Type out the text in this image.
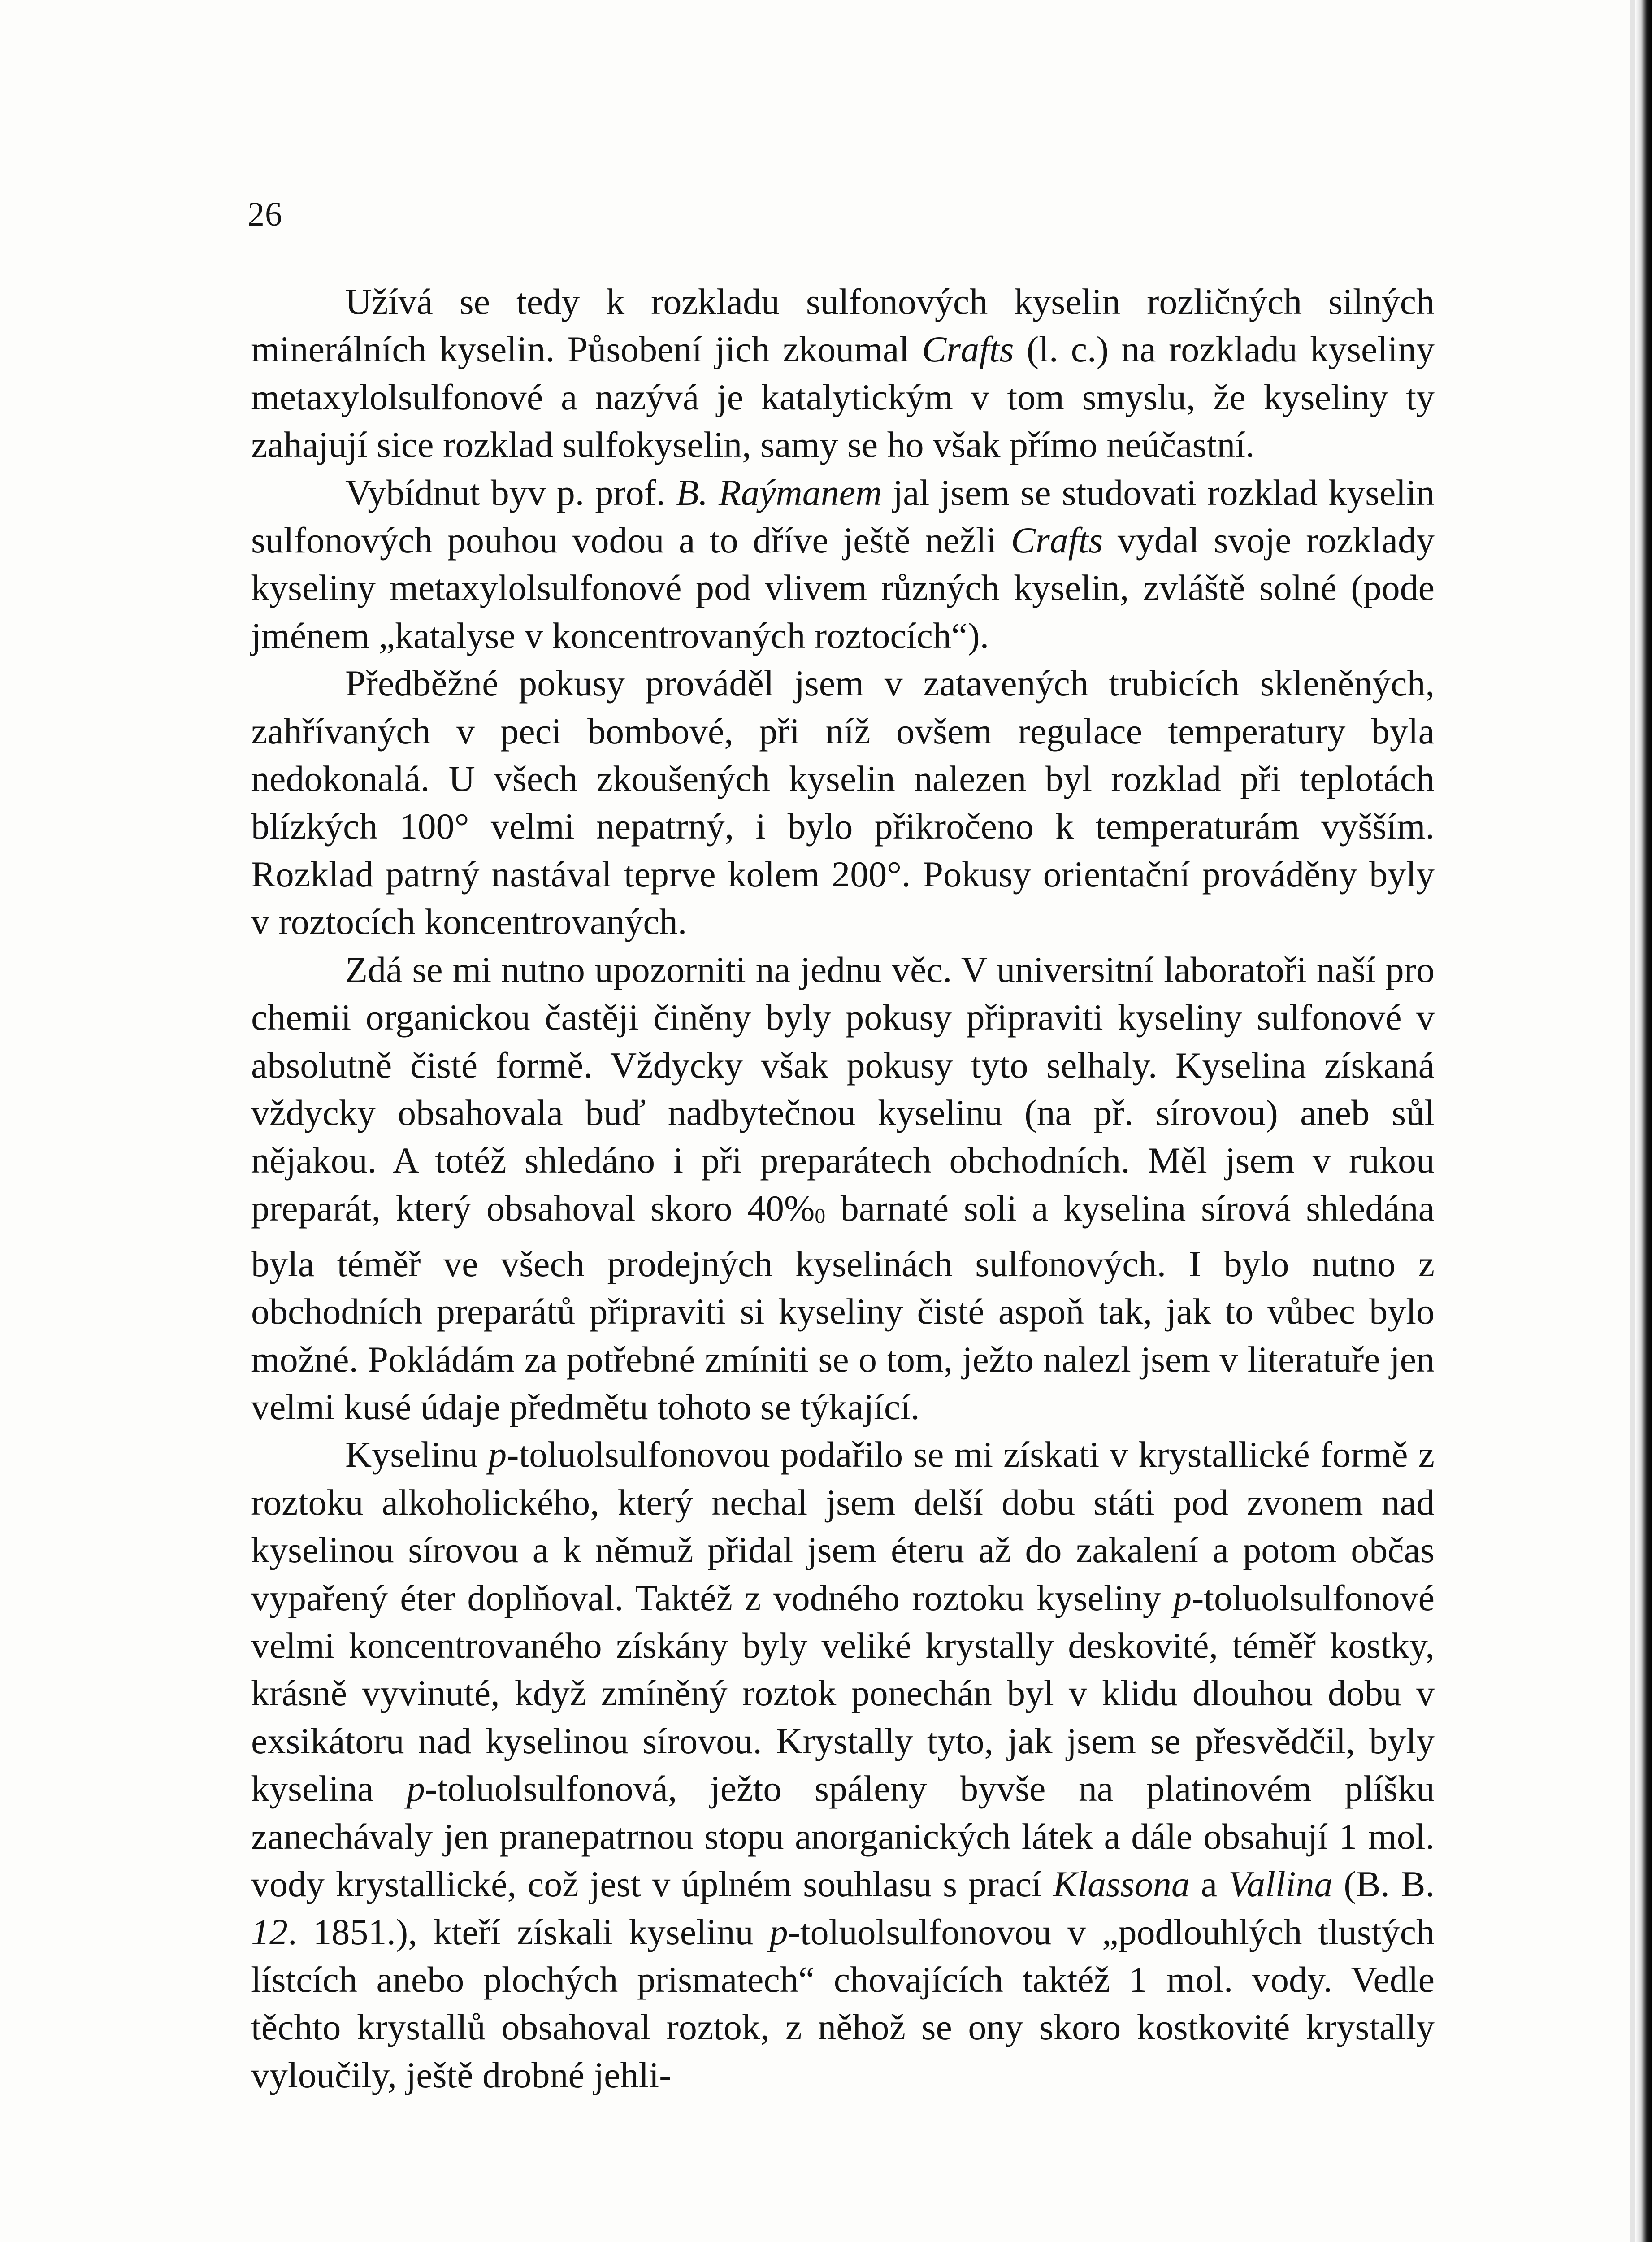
26

Užívá se tedy k rozkladu sulfonových kyselin rozličných silných minerálních kyselin. Působení jich zkoumal Crafts (l. c.) na rozkladu kyseliny metaxylolsulfonové a nazývá je katalytickým v tom smyslu, že kyseliny ty zahajují sice rozklad sulfokyselin, samy se ho však přímo neúčastní.

Vybídnut byv p. prof. B. Raýmanem jal jsem se studovati rozklad kyselin sulfonových pouhou vodou a to dříve ještě nežli Crafts vydal svoje rozklady kyseliny metaxylolsulfonové pod vlivem různých kyselin, zvláště solné (pode jménem „katalyse v koncentrovaných roztocích“).

Předběžné pokusy prováděl jsem v zatavených trubicích skleněných, zahřívaných v peci bombové, při níž ovšem regulace temperatury byla nedokonalá. U všech zkoušených kyselin nalezen byl rozklad při teplotách blízkých 100° velmi nepatrný, i bylo přikročeno k temperaturám vyšším. Rozklad patrný nastával teprve kolem 200°. Pokusy orientační prováděny byly v roztocích koncentrovaných.

Zdá se mi nutno upozorniti na jednu věc. V universitní laboratoři naší pro chemii organickou častěji činěny byly pokusy připraviti kyseliny sulfonové v absolutně čisté formě. Vždycky však pokusy tyto selhaly. Kyselina získaná vždycky obsahovala buď nadbytečnou kyselinu (na př. sírovou) aneb sůl nějakou. A totéž shledáno i při preparátech obchodních. Měl jsem v rukou preparát, který obsahoval skoro $40\%_0$ barnaté soli a kyselina sírová shledána byla téměř ve všech prodejných kyselinách sulfonových. I bylo nutno z obchodních preparátů připraviti si kyseliny čisté aspoň tak, jak to vůbec bylo možné. Pokládám za potřebné zmíniti se o tom, ježto nalezl jsem v literatuře jen velmi kusé údaje předmětu tohoto se týkající.

Kyselinu p-toluolsulfonovou podařilo se mi získati v krystallické formě z roztoku alkoholického, který nechal jsem delší dobu státi pod zvonem nad kyselinou sírovou a k němuž přidal jsem éteru až do zakalení a potom občas vypařený éter doplňoval. Taktéž z vodného roztoku kyseliny p-toluolsulfonové velmi koncentrovaného získány byly veliké krystally deskovité, téměř kostky, krásně vyvinuté, když zmíněný roztok ponechán byl v klidu dlouhou dobu v exsikátoru nad kyselinou sírovou. Krystally tyto, jak jsem se přesvědčil, byly kyselina p-toluolsulfonová, ježto spáleny byvše na platinovém plíšku zanechávaly jen pranepatrnou stopu anorganických látek a dále obsahují 1 mol. vody krystallické, což jest v úplném souhlasu s prací Klassona a Vallina (B. B. 12. 1851.), kteří získali kyselinu p-toluolsulfonovou v „podlouhlých tlustých lístcích anebo plochých prismatech“ chovajících taktéž 1 mol. vody. Vedle těchto krystallů obsahoval roztok, z něhož se ony skoro kostkovité krystally vyloučily, ještě drobné jehli-
